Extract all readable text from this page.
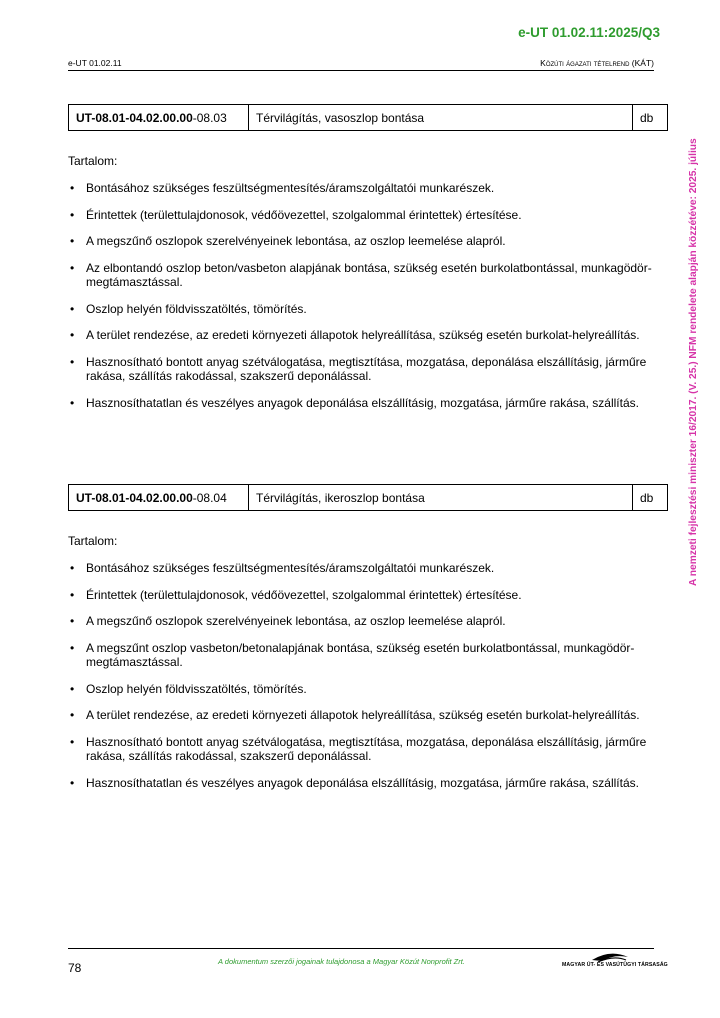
e-UT 01.02.11:2025/Q3
e-UT 01.02.11	Közúti ágazati tételrend (KÁT)

A nemzeti fejlesztési miniszter 16/2017. (V. 25.) NFM rendelete alapján közzétéve: 2025. július
UT-08.01-04.02.00.00-08.03	Térvilágítás, vasoszlop bontása	db
Tartalom:
• Bontásához szükséges feszültségmentesítés/áramszolgáltatói munkarészek.
• Érintettek (területtulajdonosok, védőövezettel, szolgalommal érintettek) értesítése.
• A megszűnő oszlopok szerelvényeinek lebontása, az oszlop leemelése alapról.
• Az elbontandó oszlop beton/vasbeton alapjának bontása, szükség esetén burkolatbontással, munkagödör-megtámasztással.
• Oszlop helyén földvisszatöltés, tömörítés.
• A terület rendezése, az eredeti környezeti állapotok helyreállítása, szükség esetén burkolat-helyreállítás.
• Hasznosítható bontott anyag szétválogatása, megtisztítása, mozgatása, deponálása elszállításig, járműre rakása, szállítás rakodással, szakszerű deponálással.
• Hasznosíthatatlan és veszélyes anyagok deponálása elszállításig, mozgatása, járműre rakása, szállítás.
UT-08.01-04.02.00.00-08.04	Térvilágítás, ikeroszlop bontása	db
Tartalom:
• Bontásához szükséges feszültségmentesítés/áramszolgáltatói munkarészek.
• Érintettek (területtulajdonosok, védőövezettel, szolgalommal érintettek) értesítése.
• A megszűnő oszlopok szerelvényeinek lebontása, az oszlop leemelése alapról.
• A megszűnt oszlop vasbeton/betonalapjának bontása, szükség esetén burkolatbontással, munkagödör-megtámasztással.
• Oszlop helyén földvisszatöltés, tömörítés.
• A terület rendezése, az eredeti környezeti állapotok helyreállítása, szükség esetén burkolat-helyreállítás.
• Hasznosítható bontott anyag szétválogatása, megtisztítása, mozgatása, deponálása elszállításig, járműre rakása, szállítás rakodással, szakszerű deponálással.
• Hasznosíthatatlan és veszélyes anyagok deponálása elszállításig, mozgatása, járműre rakása, szállítás.
78	A dokumentum szerzői jogainak tulajdonosa a Magyar Közút Nonprofit Zrt.	MAGYAR ÚT- ÉS VASÚTÜGYI TÁRSASÁG
